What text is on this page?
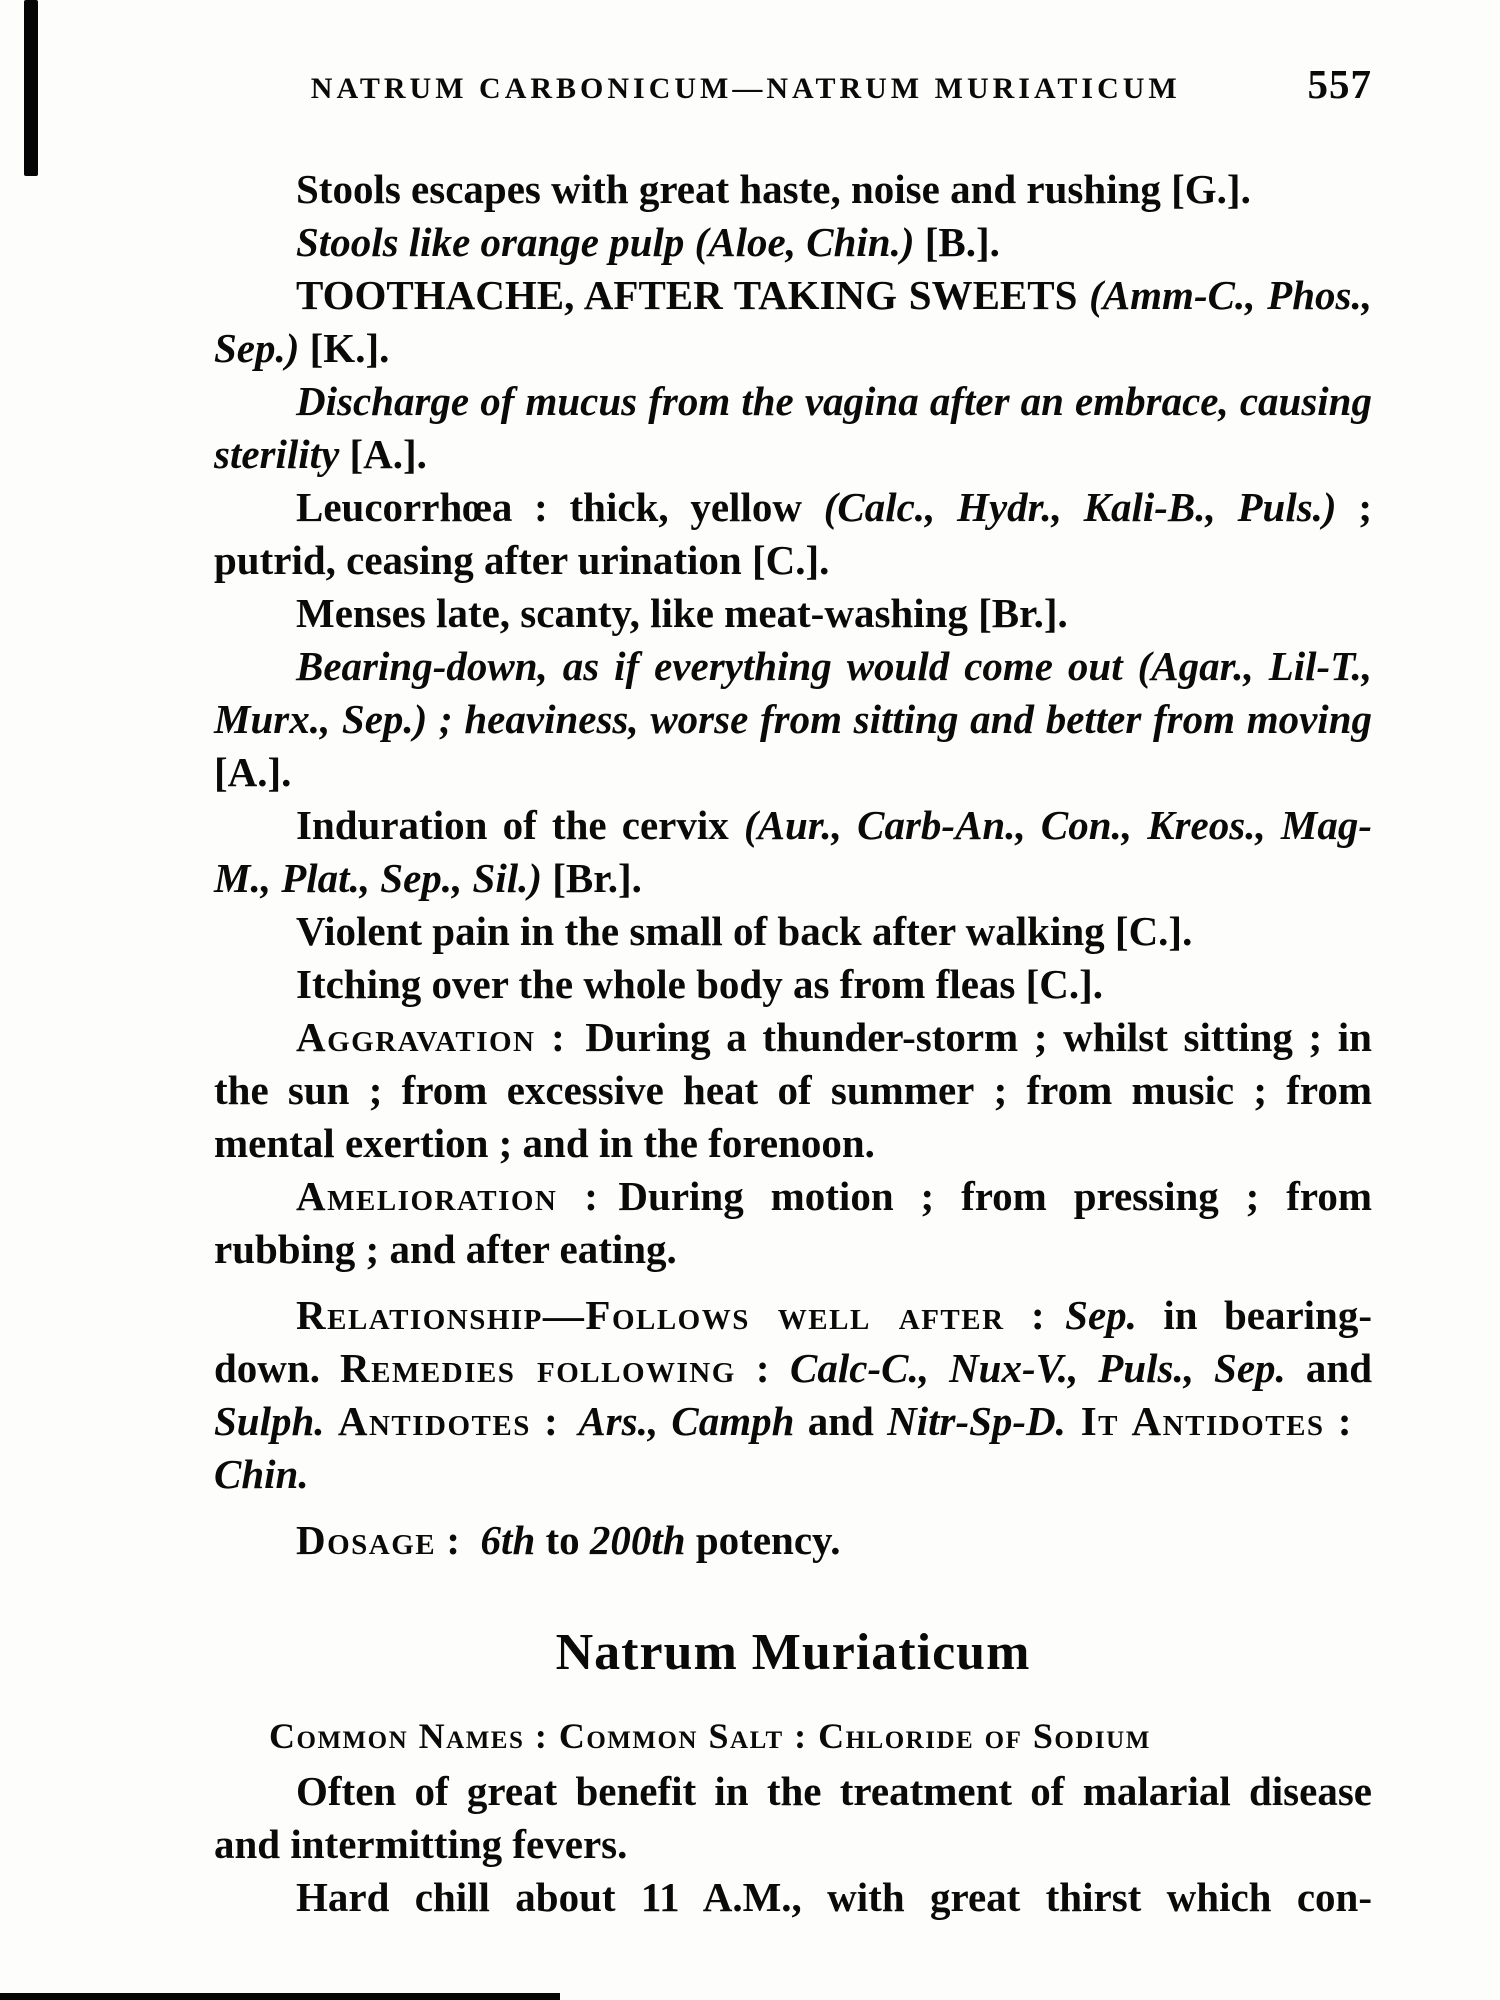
NATRUM CARBONICUM—NATRUM MURIATICUM	557

Stools escapes with great haste, noise and rushing [G.].

Stools like orange pulp (Aloe, Chin.) [B.].

TOOTHACHE, AFTER TAKING SWEETS (Amm-C., Phos., Sep.) [K.].

Discharge of mucus from the vagina after an embrace, causing sterility [A.].

Leucorrhœa : thick, yellow (Calc., Hydr., Kali-B., Puls.) ; putrid, ceasing after urination [C.].

Menses late, scanty, like meat-washing [Br.].

Bearing-down, as if everything would come out (Agar., Lil-T., Murx., Sep.) ; heaviness, worse from sitting and better from moving [A.].

Induration of the cervix (Aur., Carb-An., Con., Kreos., Mag-M., Plat., Sep., Sil.) [Br.].

Violent pain in the small of back after walking [C.].

Itching over the whole body as from fleas [C.].

Aggravation : During a thunder-storm ; whilst sitting ; in the sun ; from excessive heat of summer ; from music ; from mental exertion ; and in the forenoon.

Amelioration : During motion ; from pressing ; from rubbing ; and after eating.

Relationship—Follows well after : Sep. in bearing-down. Remedies following : Calc-C., Nux-V., Puls., Sep. and Sulph. Antidotes : Ars., Camph and Nitr-Sp-D. It Antidotes : Chin.

Dosage : 6th to 200th potency.

Natrum Muriaticum

Common Names : Common Salt : Chloride of Sodium

Often of great benefit in the treatment of malarial disease and intermitting fevers.

Hard chill about 11 A.M., with great thirst which con-
